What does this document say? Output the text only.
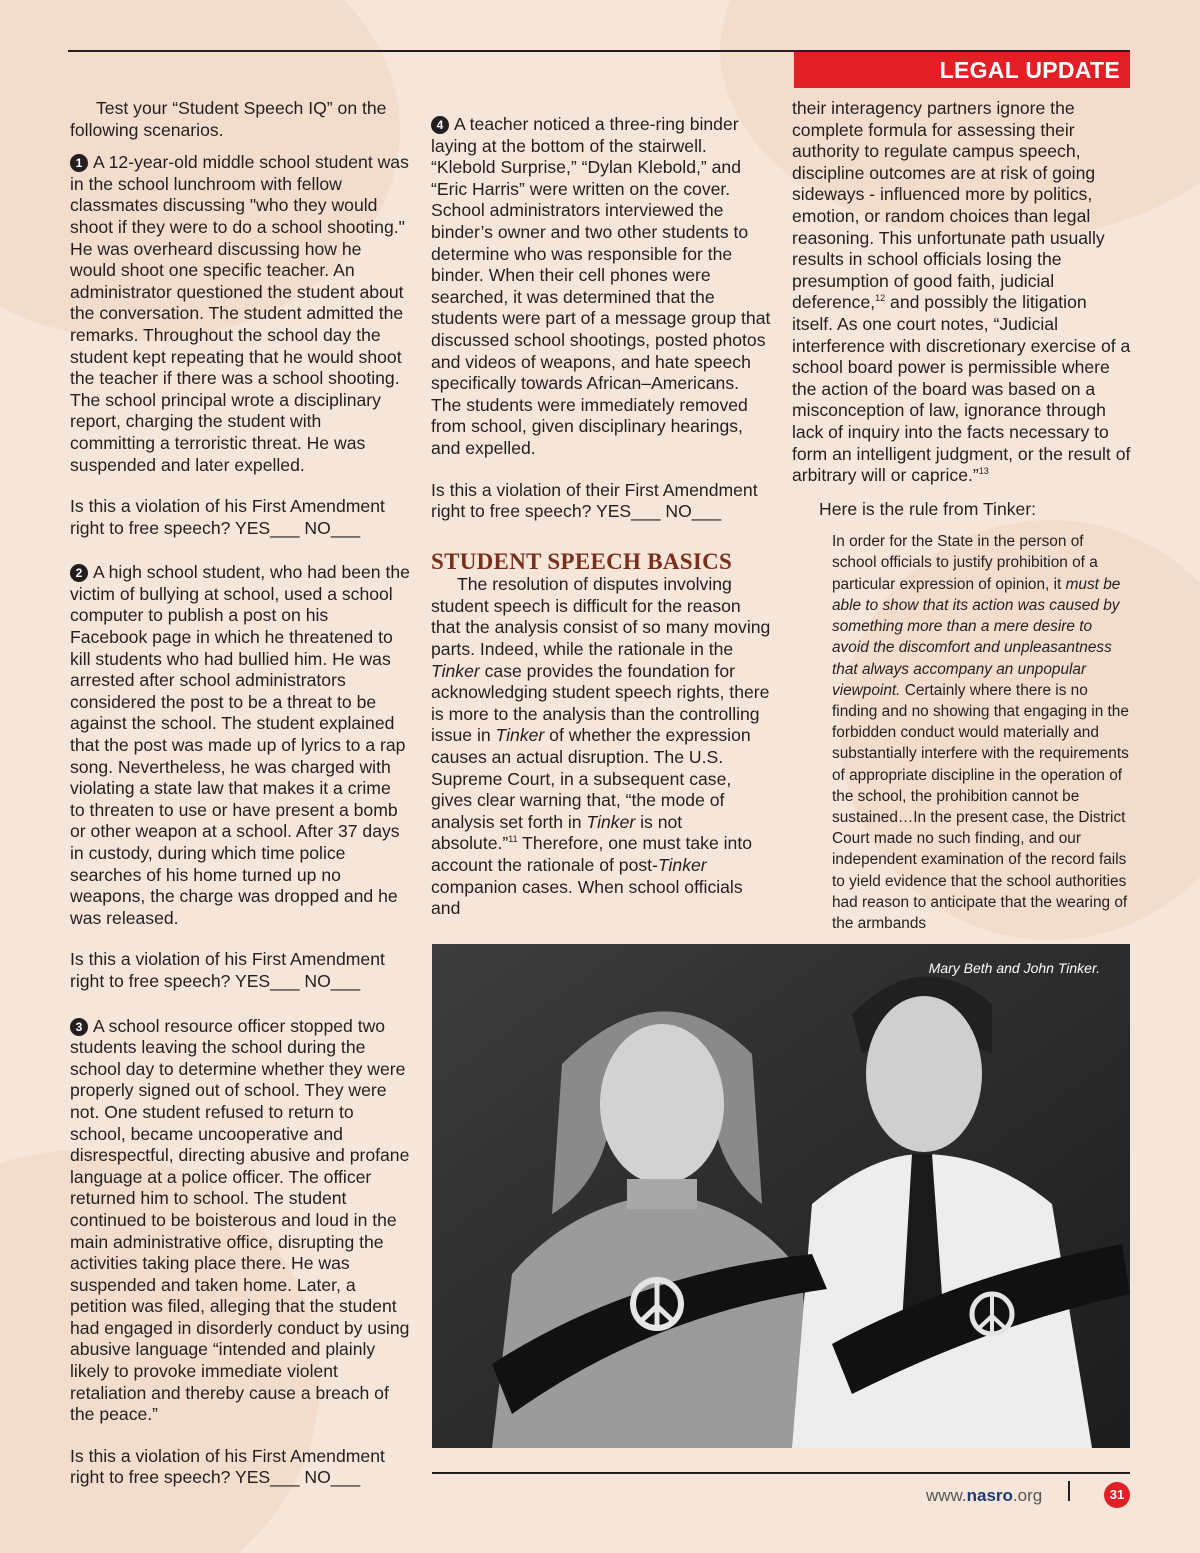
LEGAL UPDATE

Test your “Student Speech IQ” on the following scenarios.

1 A 12-year-old middle school student was in the school lunchroom with fellow classmates discussing "who they would shoot if they were to do a school shooting." He was overheard discussing how he would shoot one specific teacher. An administrator questioned the student about the conversation. The student admitted the remarks. Throughout the school day the student kept repeating that he would shoot the teacher if there was a school shooting. The school principal wrote a disciplinary report, charging the student with committing a terroristic threat. He was suspended and later expelled.

Is this a violation of his First Amendment right to free speech? YES___ NO___

2 A high school student, who had been the victim of bullying at school, used a school computer to publish a post on his Facebook page in which he threatened to kill students who had bullied him. He was arrested after school administrators considered the post to be a threat to be against the school. The student explained that the post was made up of lyrics to a rap song. Nevertheless, he was charged with violating a state law that makes it a crime to threaten to use or have present a bomb or other weapon at a school. After 37 days in custody, during which time police searches of his home turned up no weapons, the charge was dropped and he was released.

Is this a violation of his First Amendment right to free speech? YES___ NO___

3 A school resource officer stopped two students leaving the school during the school day to determine whether they were properly signed out of school. They were not. One student refused to return to school, became uncooperative and disrespectful, directing abusive and profane language at a police officer. The officer returned him to school. The student continued to be boisterous and loud in the main administrative office, disrupting the activities taking place there. He was suspended and taken home. Later, a petition was filed, alleging that the student had engaged in disorderly conduct by using abusive language “intended and plainly likely to provoke immediate violent retaliation and thereby cause a breach of the peace.”

Is this a violation of his First Amendment right to free speech? YES___ NO___

4 A teacher noticed a three-ring binder laying at the bottom of the stairwell. “Klebold Surprise,” “Dylan Klebold,” and “Eric Harris” were written on the cover. School administrators interviewed the binder’s owner and two other students to determine who was responsible for the binder. When their cell phones were searched, it was determined that the students were part of a message group that discussed school shootings, posted photos and videos of weapons, and hate speech specifically towards African–Americans. The students were immediately removed from school, given disciplinary hearings, and expelled.

Is this a violation of their First Amendment right to free speech? YES___ NO___

STUDENT SPEECH BASICS

The resolution of disputes involving student speech is difficult for the reason that the analysis consist of so many moving parts. Indeed, while the rationale in the Tinker case provides the foundation for acknowledging student speech rights, there is more to the analysis than the controlling issue in Tinker of whether the expression causes an actual disruption. The U.S. Supreme Court, in a subsequent case, gives clear warning that, “the mode of analysis set forth in Tinker is not absolute.”$^{11}$ Therefore, one must take into account the rationale of post-Tinker companion cases. When school officials and

their interagency partners ignore the complete formula for assessing their authority to regulate campus speech, discipline outcomes are at risk of going sideways - influenced more by politics, emotion, or random choices than legal reasoning. This unfortunate path usually results in school officials losing the presumption of good faith, judicial deference,$^{12}$ and possibly the litigation itself. As one court notes, “Judicial interference with discretionary exercise of a school board power is permissible where the action of the board was based on a misconception of law, ignorance through lack of inquiry into the facts necessary to form an intelligent judgment, or the result of arbitrary will or caprice.”$^{13}$

Here is the rule from Tinker:

In order for the State in the person of school officials to justify prohibition of a particular expression of opinion, it must be able to show that its action was caused by something more than a mere desire to avoid the discomfort and unpleasantness that always accompany an unpopular viewpoint. Certainly where there is no finding and no showing that engaging in the forbidden conduct would materially and substantially interfere with the requirements of appropriate discipline in the operation of the school, the prohibition cannot be sustained…In the present case, the District Court made no such finding, and our independent examination of the record fails to yield evidence that the school authorities had reason to anticipate that the wearing of the armbands

Mary Beth and John Tinker.
www.nasro.org	31
